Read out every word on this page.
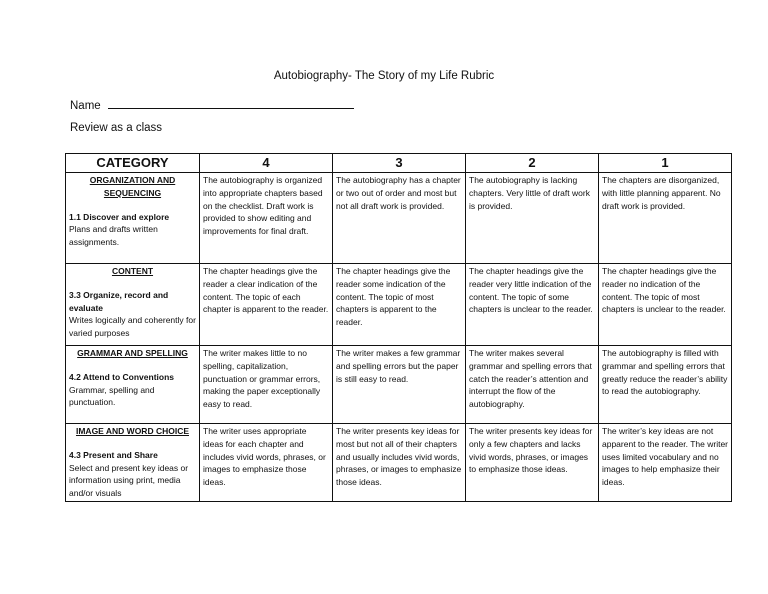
Autobiography- The Story of my Life Rubric
Name
Review as a class
CATEGORY	4	3	2	1

ORGANIZATION AND SEQUENCING
1.1 Discover and explore
Plans and drafts written assignments.	The autobiography is organized into appropriate chapters based on the checklist. Draft work is provided to show editing and improvements for final draft.	The autobiography has a chapter or two out of order and most but not all draft work is provided.	The autobiography is lacking chapters. Very little of draft work is provided.	The chapters are disorganized, with little planning apparent. No draft work is provided.

CONTENT
3.3 Organize, record and evaluate
Writes logically and coherently for varied purposes	The chapter headings give the reader a clear indication of the content. The topic of each chapter is apparent to the reader.	The chapter headings give the reader some indication of the content. The topic of most chapters is apparent to the reader.	The chapter headings give the reader very little indication of the content. The topic of some chapters is unclear to the reader.	The chapter headings give the reader no indication of the content. The topic of most chapters is unclear to the reader.

GRAMMAR AND SPELLING
4.2 Attend to Conventions
Grammar, spelling and punctuation.	The writer makes little to no spelling, capitalization, punctuation or grammar errors, making the paper exceptionally easy to read.	The writer makes a few grammar and spelling errors but the paper is still easy to read.	The writer makes several grammar and spelling errors that catch the reader’s attention and interrupt the flow of the autobiography.	The autobiography is filled with grammar and spelling errors that greatly reduce the reader’s ability to read the autobiography.

IMAGE AND WORD CHOICE
4.3 Present and Share
Select and present key ideas or information using print, media and/or visuals	The writer uses appropriate ideas for each chapter and includes vivid words, phrases, or images to emphasize those ideas.	The writer presents key ideas for most but not all of their chapters and usually includes vivid words, phrases, or images to emphasize those ideas.	The writer presents key ideas for only a few chapters and lacks vivid words, phrases, or images to emphasize those ideas.	The writer’s key ideas are not apparent to the reader. The writer uses limited vocabulary and no images to help emphasize their ideas.
